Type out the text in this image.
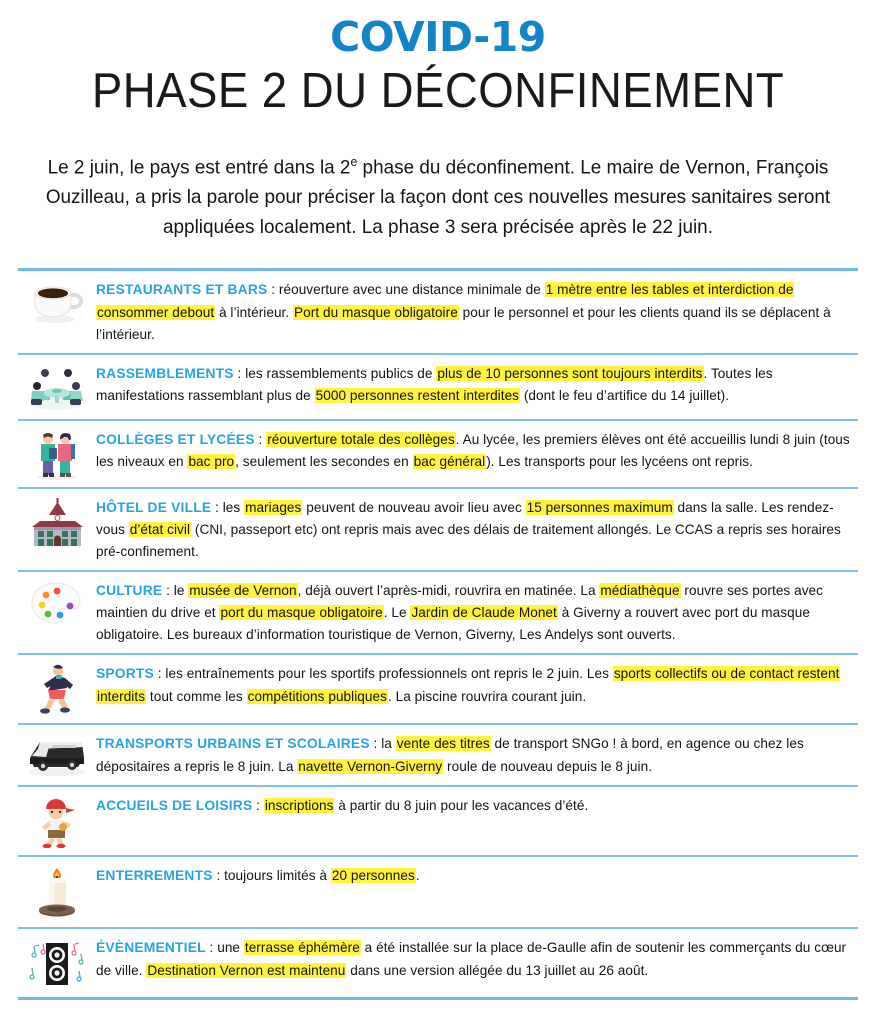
COVID-19
PHASE 2 DU DÉCONFINEMENT
Le 2 juin, le pays est entré dans la 2e phase du déconfinement. Le maire de Vernon, François Ouzilleau, a pris la parole pour préciser la façon dont ces nouvelles mesures sanitaires seront appliquées localement. La phase 3 sera précisée après le 22 juin.
RESTAURANTS ET BARS : réouverture avec une distance minimale de 1 mètre entre les tables et interdiction de consommer debout à l’intérieur. Port du masque obligatoire pour le personnel et pour les clients quand ils se déplacent à l’intérieur.
RASSEMBLEMENTS : les rassemblements publics de plus de 10 personnes sont toujours interdits. Toutes les manifestations rassemblant plus de 5000 personnes restent interdites (dont le feu d’artifice du 14 juillet).
COLLÈGES ET LYCÉES : réouverture totale des collèges. Au lycée, les premiers élèves ont été accueillis lundi 8 juin (tous les niveaux en bac pro, seulement les secondes en bac général). Les transports pour les lycéens ont repris.
HÔTEL DE VILLE : les mariages peuvent de nouveau avoir lieu avec 15 personnes maximum dans la salle. Les rendez-vous d’état civil (CNI, passeport etc) ont repris mais avec des délais de traitement allongés. Le CCAS a repris ses horaires pré-confinement.
CULTURE : le musée de Vernon, déjà ouvert l’après-midi, rouvrira en matinée. La médiathèque rouvre ses portes avec maintien du drive et port du masque obligatoire. Le Jardin de Claude Monet à Giverny a rouvert avec port du masque obligatoire. Les bureaux d’information touristique de Vernon, Giverny, Les Andelys sont ouverts.
SPORTS : les entraînements pour les sportifs professionnels ont repris le 2 juin. Les sports collectifs ou de contact restent interdits tout comme les compétitions publiques. La piscine rouvrira courant juin.
TRANSPORTS URBAINS ET SCOLAIRES : la vente des titres de transport SNGo ! à bord, en agence ou chez les dépositaires a repris le 8 juin. La navette Vernon-Giverny roule de nouveau depuis le 8 juin.
ACCUEILS DE LOISIRS : inscriptions à partir du 8 juin pour les vacances d’été.
ENTERREMENTS : toujours limités à 20 personnes.
ÉVÈNEMENTIEL : une terrasse éphémère a été installée sur la place de-Gaulle afin de soutenir les commerçants du cœur de ville. Destination Vernon est maintenu dans une version allégée du 13 juillet au 26 août.
